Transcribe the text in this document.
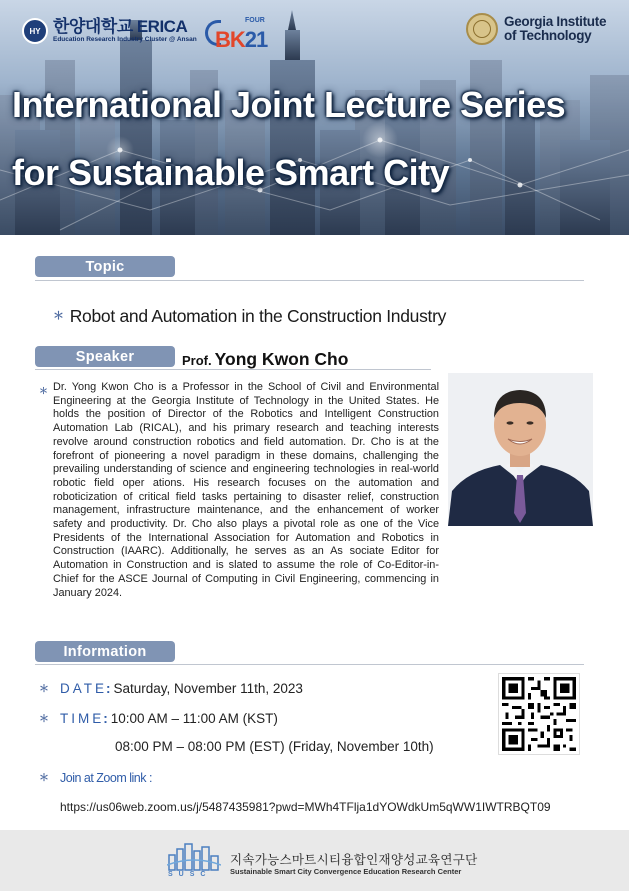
HY 한양대학교 ERICA
Education Research Industry Cluster @ Ansan
FOUR
BK21
Georgia Institute
of Technology
International Joint Lecture Series
for Sustainable Smart City
Topic
＊ Robot and Automation in the Construction Industry
Speaker	Prof. Yong Kwon Cho
＊ Dr. Yong Kwon Cho is a Professor in the School of Civil and Environmental Engineering at the Georgia Institute of Technology in the United States. He holds the position of Director of the Robotics and Intelligent Construction Automation Lab (RICAL), and his primary research and teaching interests revolve around construction robotics and field automation. Dr. Cho is at the forefront of pioneering a novel paradigm in these domains, challenging the prevailing understanding of science and engineering technologies in real-world robotic field oper ations. His research focuses on the automation and roboticization of critical field tasks pertaining to disaster relief, construction management, infrastructure maintenance, and the enhancement of worker safety and productivity. Dr. Cho also plays a pivotal role as one of the Vice Presidents of the International Association for Automation and Robotics in Construction (IAARC). Additionally, he serves as an As sociate Editor for Automation in Construction and is slated to assume the role of Co-Editor-in-Chief for the ASCE Journal of Computing in Civil Engineering, commencing in January 2024.
Information
＊ DATE: Saturday, November 11th, 2023
＊ TIME: 10:00 AM – 11:00 AM (KST)
08:00 PM – 08:00 PM (EST) (Friday, November 10th)
＊ Join at Zoom link :
https://us06web.zoom.us/j/5487435981?pwd=MWh4TFlja1dYOWdkUm5qWW1IWTRBQT09
SUSC
지속가능스마트시티융합인재양성교육연구단
Sustainable Smart City Convergence Education Research Center
